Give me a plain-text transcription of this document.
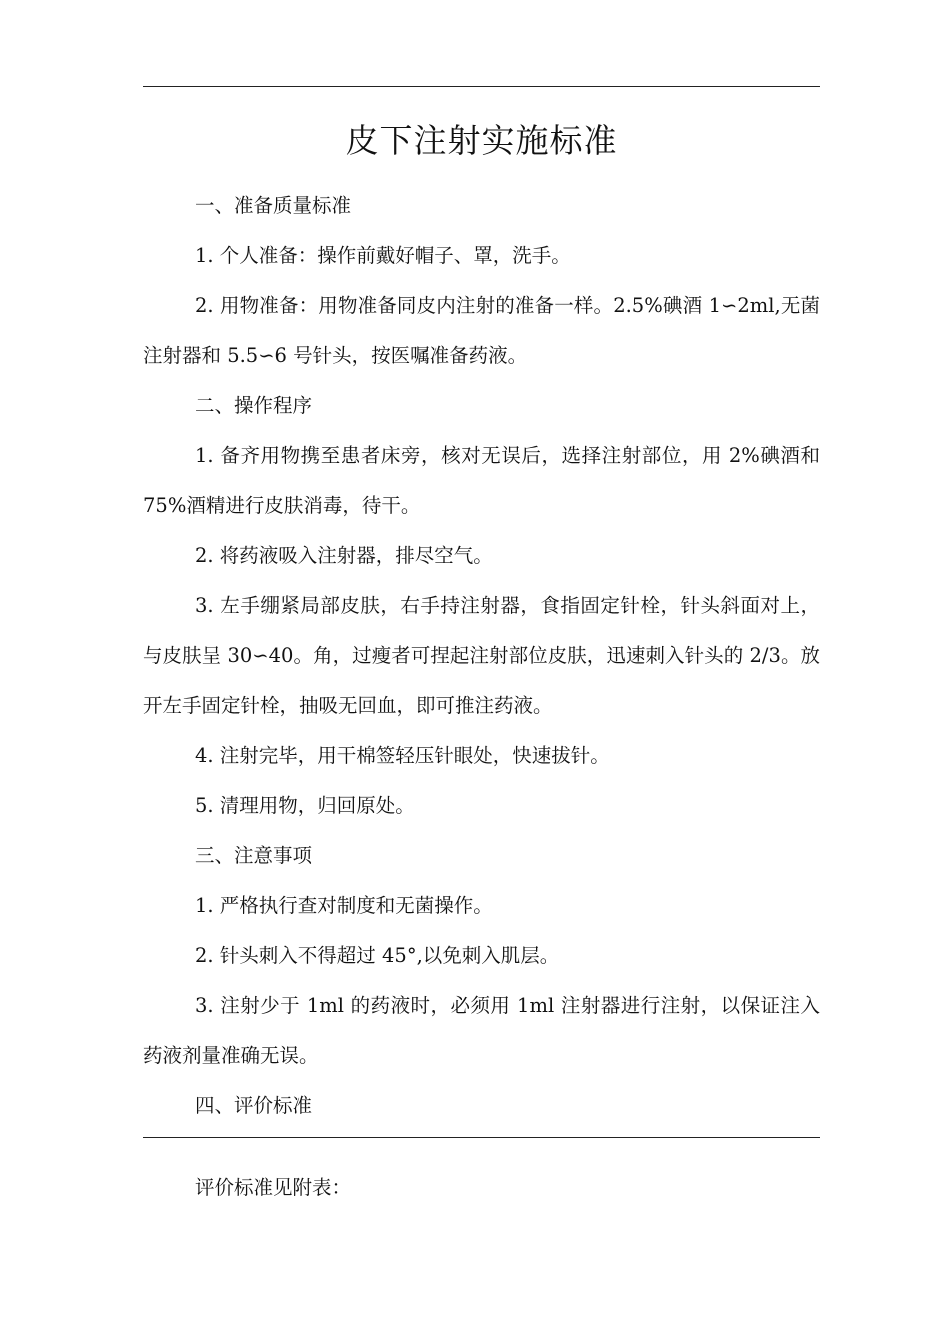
皮下注射实施标准

一、准备质量标准

1. 个人准备：操作前戴好帽子、罩，洗手。

2. 用物准备：用物准备同皮内注射的准备一样。2.5%碘酒 1∽2ml,无菌注射器和 5.5∽6 号针头，按医嘱准备药液。

二、操作程序

1. 备齐用物携至患者床旁，核对无误后，选择注射部位，用 2%碘酒和 75%酒精进行皮肤消毒，待干。

2. 将药液吸入注射器，排尽空气。

3. 左手绷紧局部皮肤，右手持注射器，食指固定针栓，针头斜面对上，与皮肤呈 30∽40。角，过瘦者可捏起注射部位皮肤，迅速刺入针头的 2/3。放开左手固定针栓，抽吸无回血，即可推注药液。

4. 注射完毕，用干棉签轻压针眼处，快速拔针。

5. 清理用物，归回原处。

三、注意事项

1. 严格执行查对制度和无菌操作。

2. 针头刺入不得超过 45°,以免刺入肌层。

3. 注射少于 1ml 的药液时，必须用 1ml 注射器进行注射，以保证注入药液剂量准确无误。

四、评价标准

评价标准见附表：
